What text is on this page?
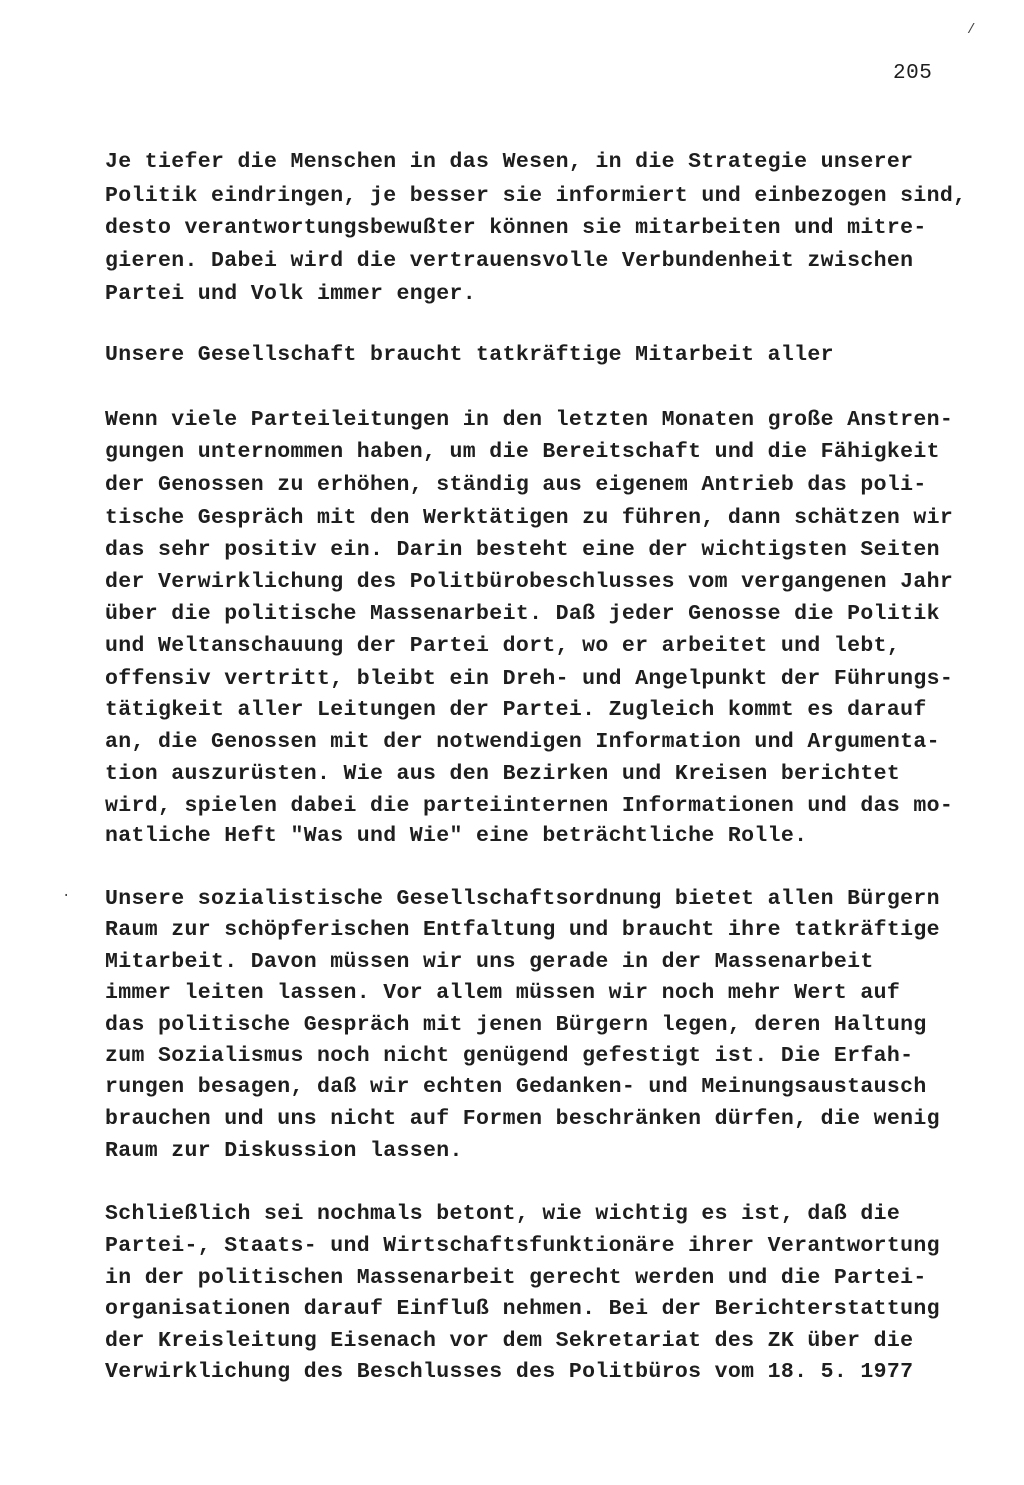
/
·
205
Je tiefer die Menschen in das Wesen, in die Strategie unserer
Politik eindringen, je besser sie informiert und einbezogen sind,
desto verantwortungsbewußter können sie mitarbeiten und mitre-
gieren. Dabei wird die vertrauensvolle Verbundenheit zwischen
Partei und Volk immer enger.
Unsere Gesellschaft braucht tatkräftige Mitarbeit aller
Wenn viele Parteileitungen in den letzten Monaten große Anstren-
gungen unternommen haben, um die Bereitschaft und die Fähigkeit
der Genossen zu erhöhen, ständig aus eigenem Antrieb das poli-
tische Gespräch mit den Werktätigen zu führen, dann schätzen wir
das sehr positiv ein. Darin besteht eine der wichtigsten Seiten
der Verwirklichung des Politbürobeschlusses vom vergangenen Jahr
über die politische Massenarbeit. Daß jeder Genosse die Politik
und Weltanschauung der Partei dort, wo er arbeitet und lebt,
offensiv vertritt, bleibt ein Dreh- und Angelpunkt der Führungs-
tätigkeit aller Leitungen der Partei. Zugleich kommt es darauf
an, die Genossen mit der notwendigen Information und Argumenta-
tion auszurüsten. Wie aus den Bezirken und Kreisen berichtet
wird, spielen dabei die parteiinternen Informationen und das mo-
natliche Heft "Was und Wie" eine beträchtliche Rolle.
Unsere sozialistische Gesellschaftsordnung bietet allen Bürgern
Raum zur schöpferischen Entfaltung und braucht ihre tatkräftige
Mitarbeit. Davon müssen wir uns gerade in der Massenarbeit
immer leiten lassen. Vor allem müssen wir noch mehr Wert auf
das politische Gespräch mit jenen Bürgern legen, deren Haltung
zum Sozialismus noch nicht genügend gefestigt ist. Die Erfah-
rungen besagen, daß wir echten Gedanken- und Meinungsaustausch
brauchen und uns nicht auf Formen beschränken dürfen, die wenig
Raum zur Diskussion lassen.
Schließlich sei nochmals betont, wie wichtig es ist, daß die
Partei-, Staats- und Wirtschaftsfunktionäre ihrer Verantwortung
in der politischen Massenarbeit gerecht werden und die Partei-
organisationen darauf Einfluß nehmen. Bei der Berichterstattung
der Kreisleitung Eisenach vor dem Sekretariat des ZK über die
Verwirklichung des Beschlusses des Politbüros vom 18. 5. 1977
